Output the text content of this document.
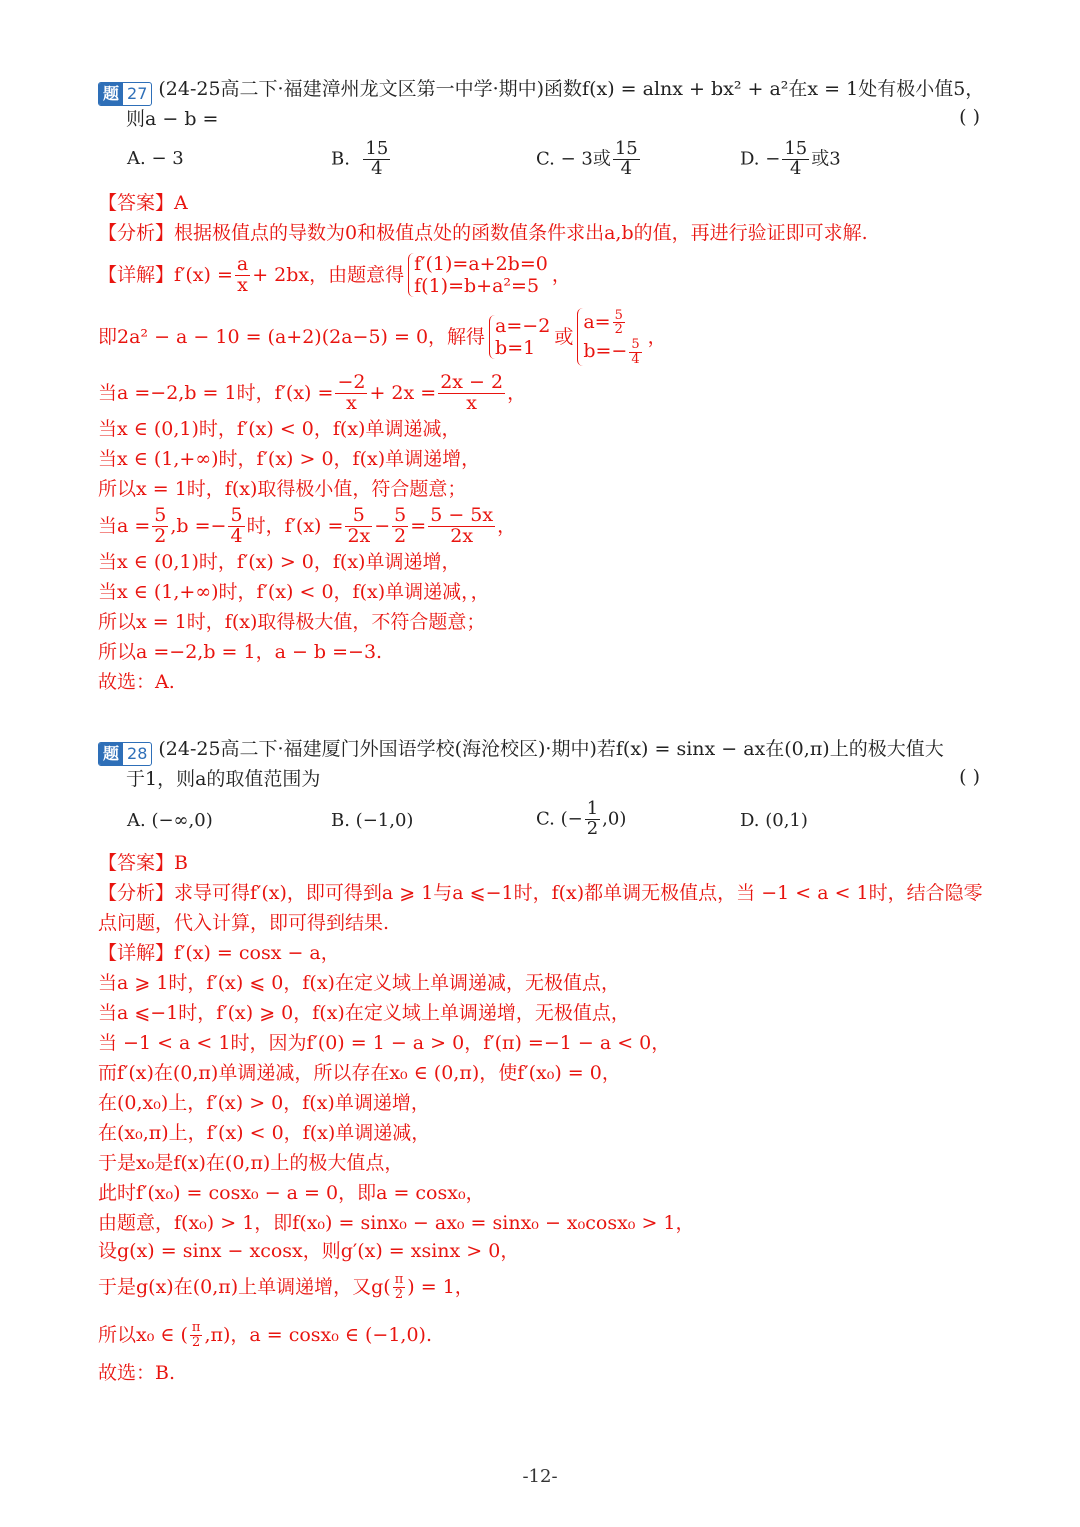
题 27 (24-25高二下·福建漳州龙文区第一中学·期中)函数f(x) = alnx + bx² + a²在x = 1处有极小值5，
则a − b =	( )
A. − 3	B. $\frac{15}{4}$	C. − 3或 $\frac{15}{4}$	D. − $\frac{15}{4}$ 或3
【答案】A
【分析】根据极值点的导数为0和极值点处的函数值条件求出a,b的值，再进行验证即可求解.
【详解】 $f'(x) = \frac{a}{x} + 2bx$，由题意得 f′(1)=a+2b=0
f(1)=b+a²=5 ，
即2a² − a − 10 = (a+2)(2a−5) = 0，解得 a=−2
b=1	或
$a= \frac{5}{2}$
$b=- \frac{5}{4}$
，
当a =−2,b = 1时，$f'(x) = \frac{-2}{x} + 2x = \frac{2x - 2}{x}$ ，
当x ∈ (0,1)时，f′(x) < 0，f(x)单调递减，
当x ∈ (1,+∞)时，f′(x) > 0，f(x)单调递增，
所以x = 1时，f(x)取得极小值，符合题意；
当$a = \frac{5}{2} ,b =- \frac{5}{4}$ 时，$f'(x) = \frac{5}{2x} - \frac{5}{2} = \frac{5 - 5x}{2x}$ ，
当x ∈ (0,1)时，f′(x) > 0，f(x)单调递增，
当x ∈ (1,+∞)时，f′(x) < 0，f(x)单调递减，，
所以x = 1时，f(x)取得极大值，不符合题意；
所以a =−2,b = 1，a − b =−3.
故选：A.
题 28 (24-25高二下·福建厦门外国语学校(海沧校区)·期中)若f(x) = sinx − ax在(0,π)上的极大值大
于1，则a的取值范围为	( )
A. (−∞,0)	B. (−1,0)	C. (− $\frac{1}{2} ,0$)	D. (0,1)
【答案】B
【分析】求导可得f′(x)，即可得到a ⩾ 1与a ⩽−1时，f(x)都单调无极值点，当 −1 < a < 1时，结合隐零
点问题，代入计算，即可得到结果.
【详解】f′(x) = cosx − a，
当a ⩾ 1时，f′(x) ⩽ 0，f(x)在定义域上单调递减，无极值点，
当a ⩽−1时，f′(x) ⩾ 0，f(x)在定义域上单调递增，无极值点，
当 −1 < a < 1时，因为f′(0) = 1 − a > 0，f′(π) =−1 − a < 0，
而f′(x)在(0,π)单调递减，所以存在x₀ ∈ (0,π)，使f′(x₀) = 0，
在(0,x₀)上，f′(x) > 0，f(x)单调递增，
在(x₀,π)上，f′(x) < 0，f(x)单调递减，
于是x₀是f(x)在(0,π)上的极大值点，
此时f′(x₀) = cosx₀ − a = 0，即a = cosx₀，
由题意，f(x₀) > 1，即f(x₀) = sinx₀ − ax₀ = sinx₀ − x₀cosx₀ > 1，
设g(x) = sinx − xcosx，则g′(x) = xsinx > 0，
于是g(x)在(0,π)上单调递增，又$g( \frac{\pi}{2}$ ) = 1，
所以x₀ ∈ ( $\frac{\pi}{2} ,\pi$)，a = cosx₀ ∈ (−1,0).
故选：B.
-12-
